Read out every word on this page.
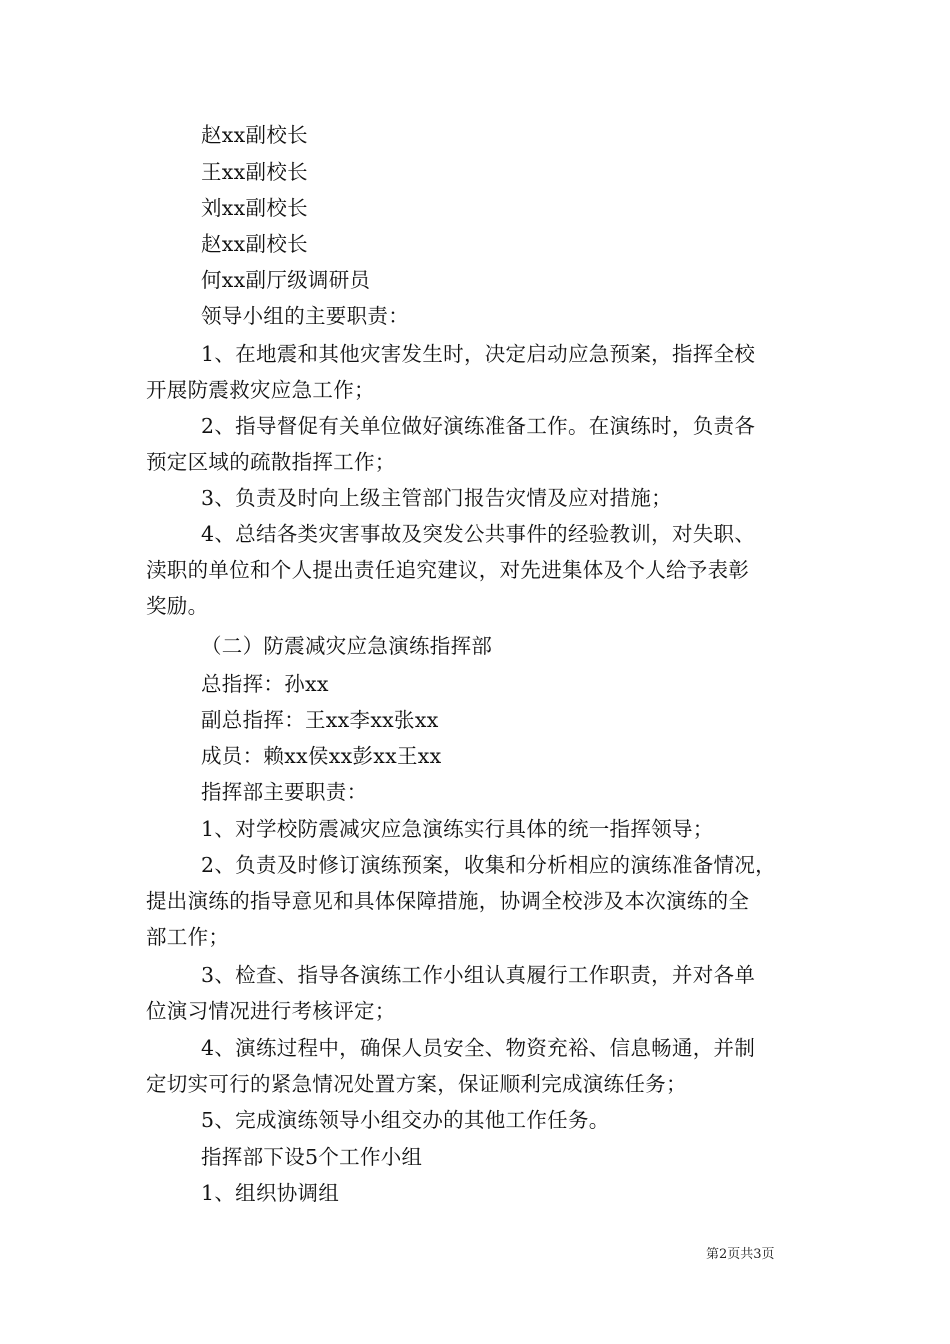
赵xx副校长
王xx副校长
刘xx副校长
赵xx副校长
何xx副厅级调研员
领导小组的主要职责：
1、在地震和其他灾害发生时，决定启动应急预案，指挥全校
开展防震救灾应急工作；
2、指导督促有关单位做好演练准备工作。在演练时，负责各
预定区域的疏散指挥工作；
3、负责及时向上级主管部门报告灾情及应对措施；
4、总结各类灾害事故及突发公共事件的经验教训，对失职、
渎职的单位和个人提出责任追究建议，对先进集体及个人给予表彰
奖励。
（二）防震减灾应急演练指挥部
总指挥：孙xx
副总指挥：王xx李xx张xx
成员：赖xx侯xx彭xx王xx
指挥部主要职责：
1、对学校防震减灾应急演练实行具体的统一指挥领导；
2、负责及时修订演练预案，收集和分析相应的演练准备情况，
提出演练的指导意见和具体保障措施，协调全校涉及本次演练的全
部工作；
3、检查、指导各演练工作小组认真履行工作职责，并对各单
位演习情况进行考核评定；
4、演练过程中，确保人员安全、物资充裕、信息畅通，并制
定切实可行的紧急情况处置方案，保证顺利完成演练任务；
5、完成演练领导小组交办的其他工作任务。
指挥部下设5个工作小组
1、组织协调组
第2页共3页
